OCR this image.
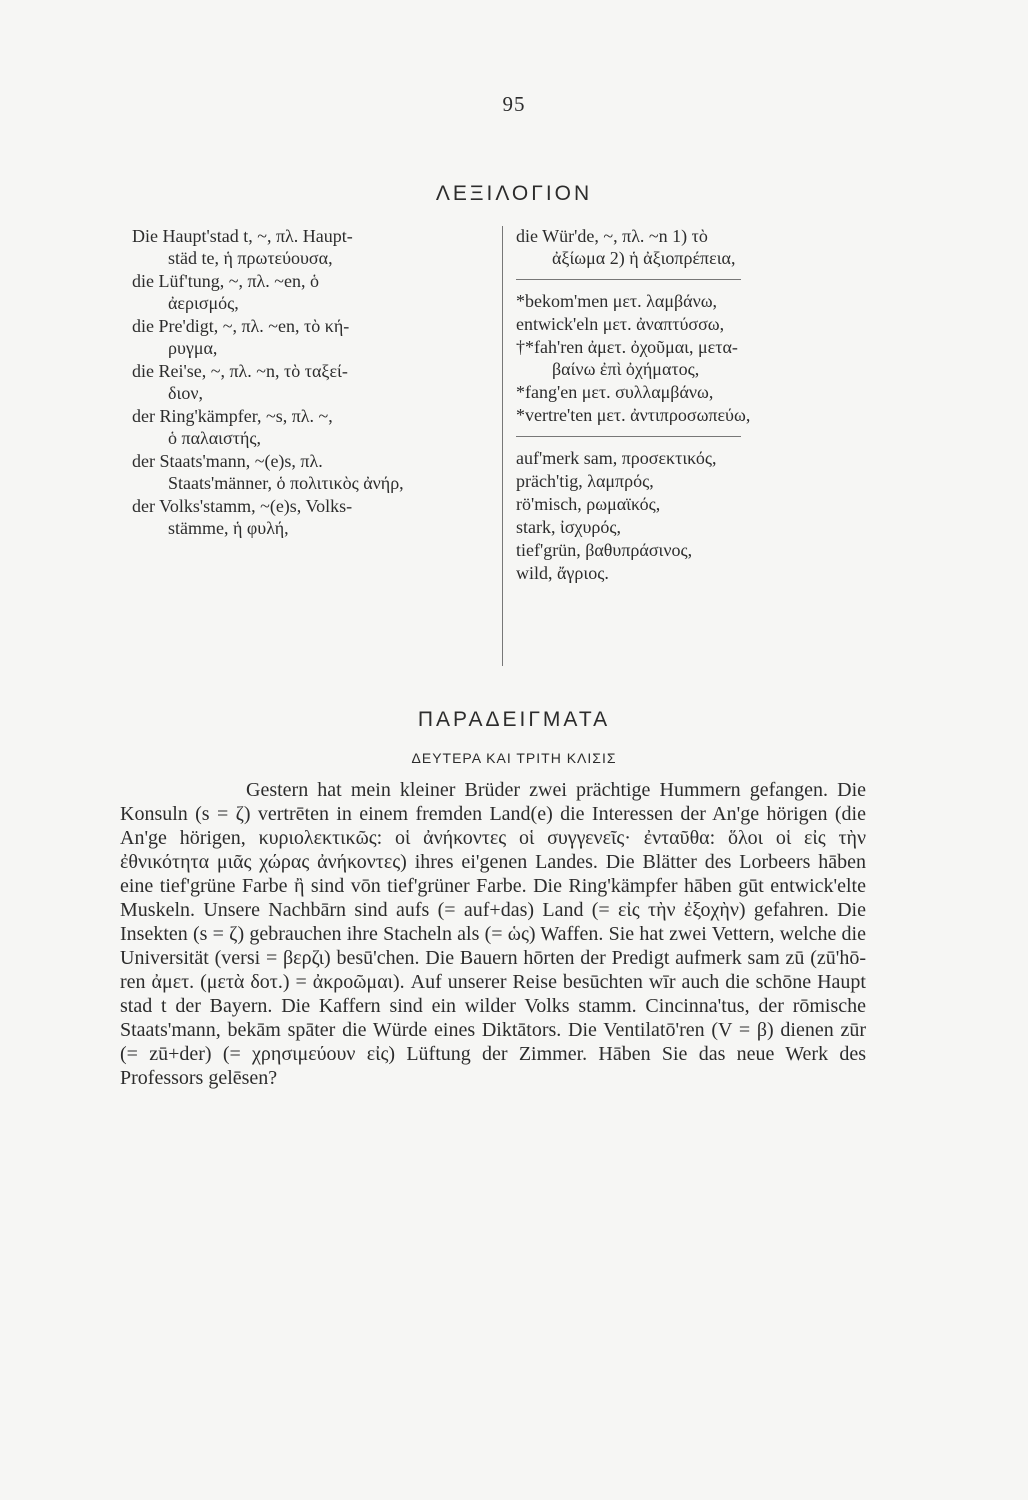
95
ΛΕΞΙΛΟΓΙΟΝ
Die Haupt'stad t, ~, πλ. Haupt-
städ te, ἡ πρωτεύουσα,
die Lüf'tung, ~, πλ. ~en, ὁ
ἀερισμός,
die Pre'digt, ~, πλ. ~en, τὸ κή-
ρυγμα,
die Rei'se, ~, πλ. ~n, τὸ ταξεί-
διον,
der Ring'kämpfer, ~s, πλ. ~,
ὁ παλαιστής,
der Staats'mann, ~(e)s, πλ.
Staats'männer, ὁ πολιτικὸς ἀνήρ,
der Volks'stamm, ~(e)s, Volks-
stämme, ἡ φυλή,
die Wür'de, ~, πλ. ~n 1) τὸ
ἀξίωμα 2) ἡ ἀξιοπρέπεια,
*bekom'men μετ. λαμβάνω,
entwick'eln μετ. ἀναπτύσσω,
†*fah'ren ἀμετ. ὀχοῦμαι, μετα-
βαίνω ἐπὶ ὀχήματος,
*fang'en μετ. συλλαμβάνω,
*vertre'ten μετ. ἀντιπροσωπεύω,
auf'merk sam, προσεκτικός,
präch'tig, λαμπρός,
rö'misch, ρωμαϊκός,
stark, ἰσχυρός,
tief'grün, βαθυπράσινος,
wild, ἄγριος.
ΠΑΡΑΔΕΙΓΜΑΤΑ
ΔΕΥΤΕΡΑ ΚΑΙ ΤΡΙΤΗ ΚΛΙΣΙΣ

Gestern hat mein kleiner Brüder zwei prächtige Hummern gefangen. Die Konsuln (s = ζ) vertrēten in einem fremden Land(e) die Interessen der An'ge hörigen (die An'ge hörigen, κυριολεκτικῶς: οἱ ἀνήκοντες οἱ συγγενεῖς· ἐνταῦθα: ὅλοι οἱ εἰς τὴν ἐθνικότητα μιᾶς χώρας ἀνήκοντες) ihres ei'genen Landes. Die Blätter des Lorbeers hāben eine tief'grüne Farbe ἢ sind vōn tief'grüner Farbe. Die Ring'kämpfer hāben gūt entwick'elte Muskeln. Unsere Nachbārn sind aufs (= auf+das) Land (= εἰς τὴν ἐξοχὴν) gefahren. Die Insekten (s = ζ) gebrauchen ihre Stacheln als (= ὡς) Waffen. Sie hat zwei Vettern, welche die Universität (versi = βερζι) besū'chen. Die Bauern hōrten der Predigt aufmerk sam zū (zū'hō-ren ἀμετ. (μετὰ δοτ.) = ἀκροῶμαι). Auf unserer Reise besūchten wīr auch die schōne Haupt stad t der Bayern. Die Kaffern sind ein wilder Volks stamm. Cincinna'tus, der rōmische Staats'mann, bekām spāter die Würde eines Diktātors. Die Ventilatō'ren (V = β) dienen zūr (= zū+der) (= χρησιμεύουν εἰς) Lüftung der Zimmer. Hāben Sie das neue Werk des Professors gelēsen?
